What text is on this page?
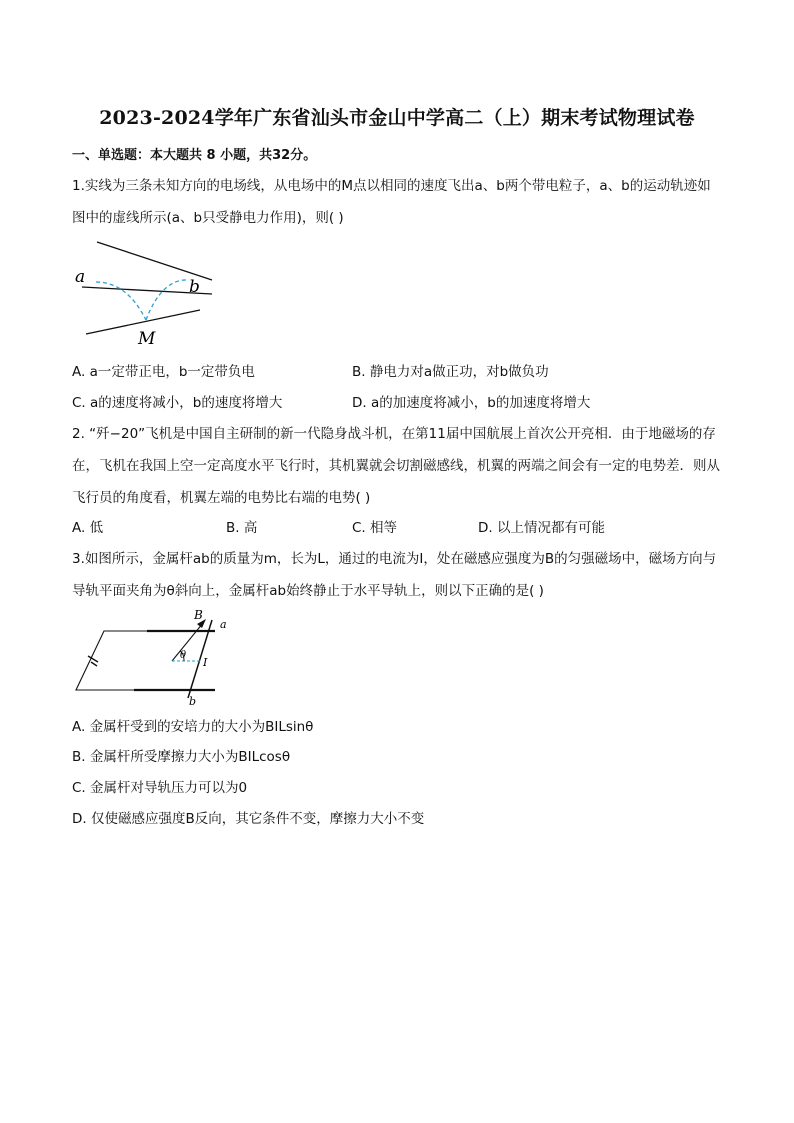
2023-2024学年广东省汕头市金山中学高二（上）期末考试物理试卷
一、单选题：本大题共 8 小题，共32分。
1.实线为三条未知方向的电场线，从电场中的M点以相同的速度飞出a、b两个带电粒子，a、b的运动轨迹如图中的虚线所示(a、b只受静电力作用)，则( )
a	b
M
A. a一定带正电，b一定带负电	B. 静电力对a做正功，对b做负功
C. a的速度将减小，b的速度将增大	D. a的加速度将减小，b的加速度将增大
2. “歼−20”飞机是中国自主研制的新一代隐身战斗机，在第11届中国航展上首次公开亮相．由于地磁场的存在，飞机在我国上空一定高度水平飞行时，其机翼就会切割磁感线，机翼的两端之间会有一定的电势差．则从飞行员的角度看，机翼左端的电势比右端的电势( )
A. 低	B. 高	C. 相等	D. 以上情况都有可能
3.如图所示，金属杆ab的质量为m，长为L，通过的电流为I，处在磁感应强度为B的匀强磁场中，磁场方向与导轨平面夹角为θ斜向上，金属杆ab始终静止于水平导轨上，则以下正确的是( )
B
a
θ
I
b
A. 金属杆受到的安培力的大小为BILsinθ
B. 金属杆所受摩擦力大小为BILcosθ
C. 金属杆对导轨压力可以为0
D. 仅使磁感应强度B反向，其它条件不变，摩擦力大小不变
